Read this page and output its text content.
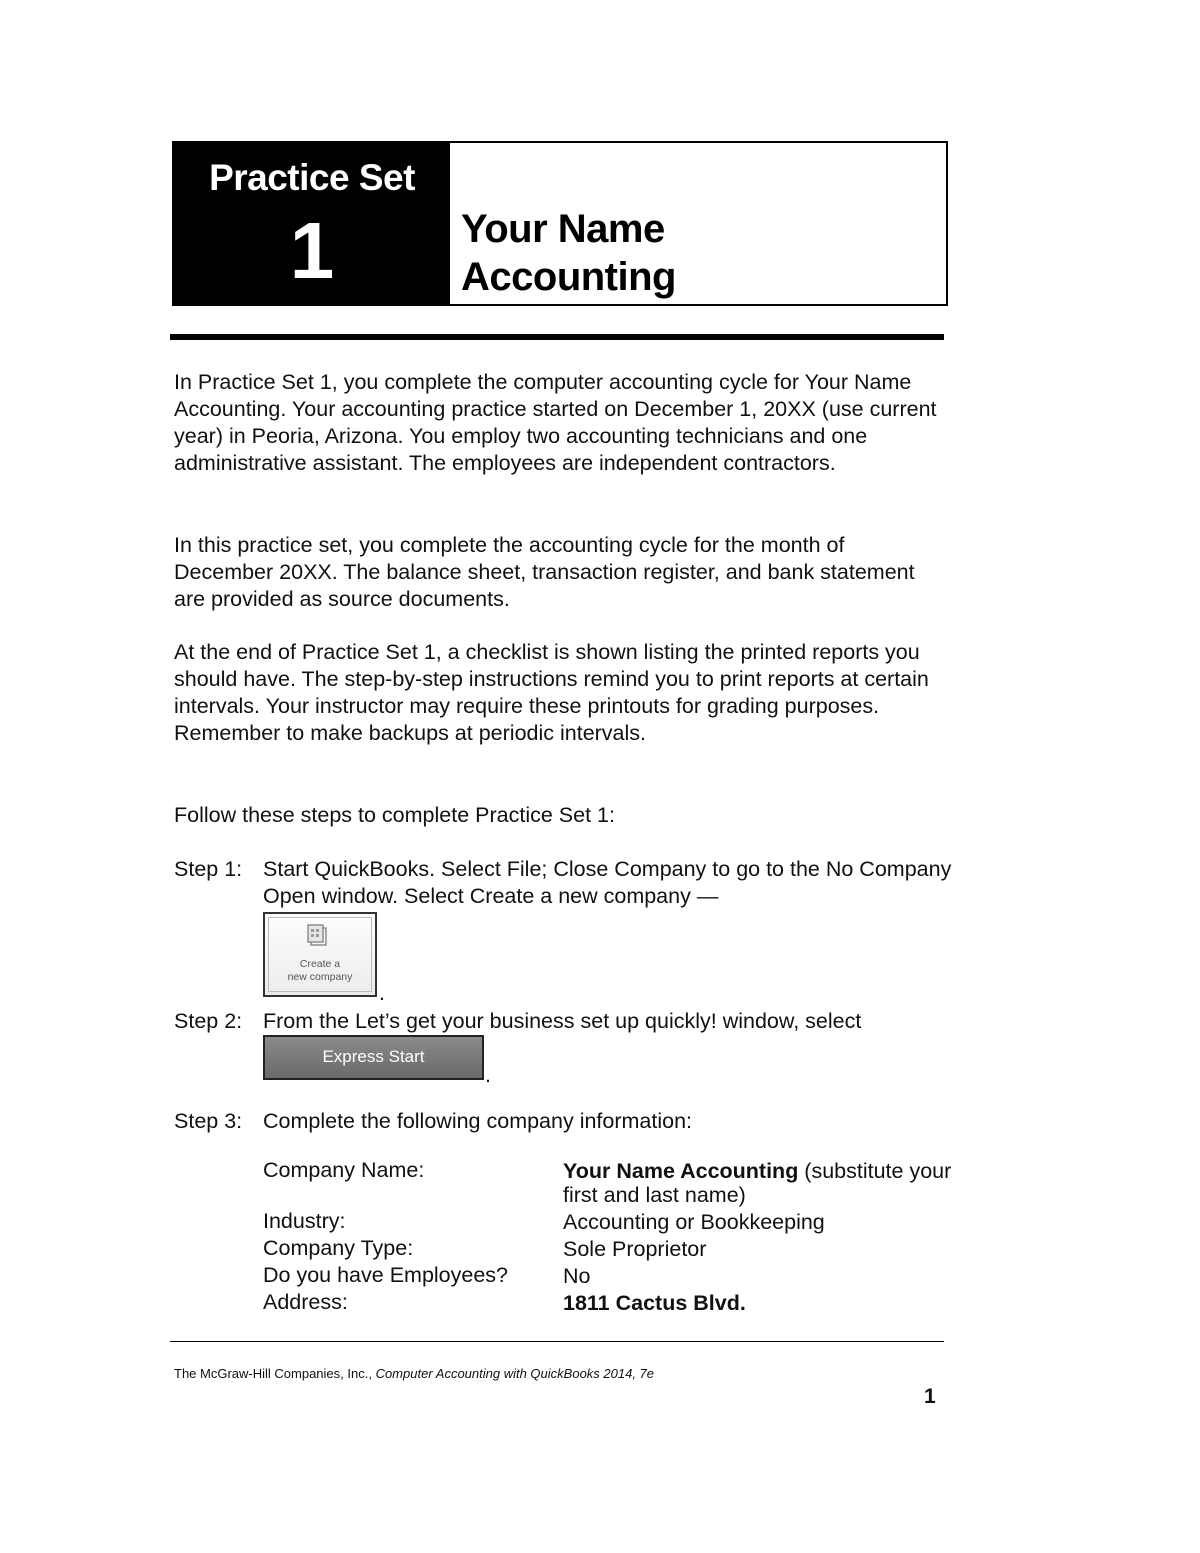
Practice Set
1	Your Name
Accounting

In Practice Set 1, you complete the computer accounting cycle for Your Name Accounting. Your accounting practice started on December 1, 20XX (use current year) in Peoria, Arizona. You employ two accounting technicians and one administrative assistant. The employees are independent contractors.

In this practice set, you complete the accounting cycle for the month of December 20XX. The balance sheet, transaction register, and bank statement are provided as source documents.

At the end of Practice Set 1, a checklist is shown listing the printed reports you should have. The step-by-step instructions remind you to print reports at certain intervals. Your instructor may require these printouts for grading purposes. Remember to make backups at periodic intervals.

Follow these steps to complete Practice Set 1:

Step 1: Start QuickBooks. Select File; Close Company to go to the No Company Open window. Select Create a new company —
Create a
new company
.
Step 2: From the Let’s get your business set up quickly! window, select
Express Start
.
Step 3: Complete the following company information:
Company Name:	Your Name Accounting (substitute your first and last name)
Industry:	Accounting or Bookkeeping
Company Type:	Sole Proprietor
Do you have Employees?	No
Address:	1811 Cactus Blvd.
The McGraw-Hill Companies, Inc., Computer Accounting with QuickBooks 2014, 7e
1
